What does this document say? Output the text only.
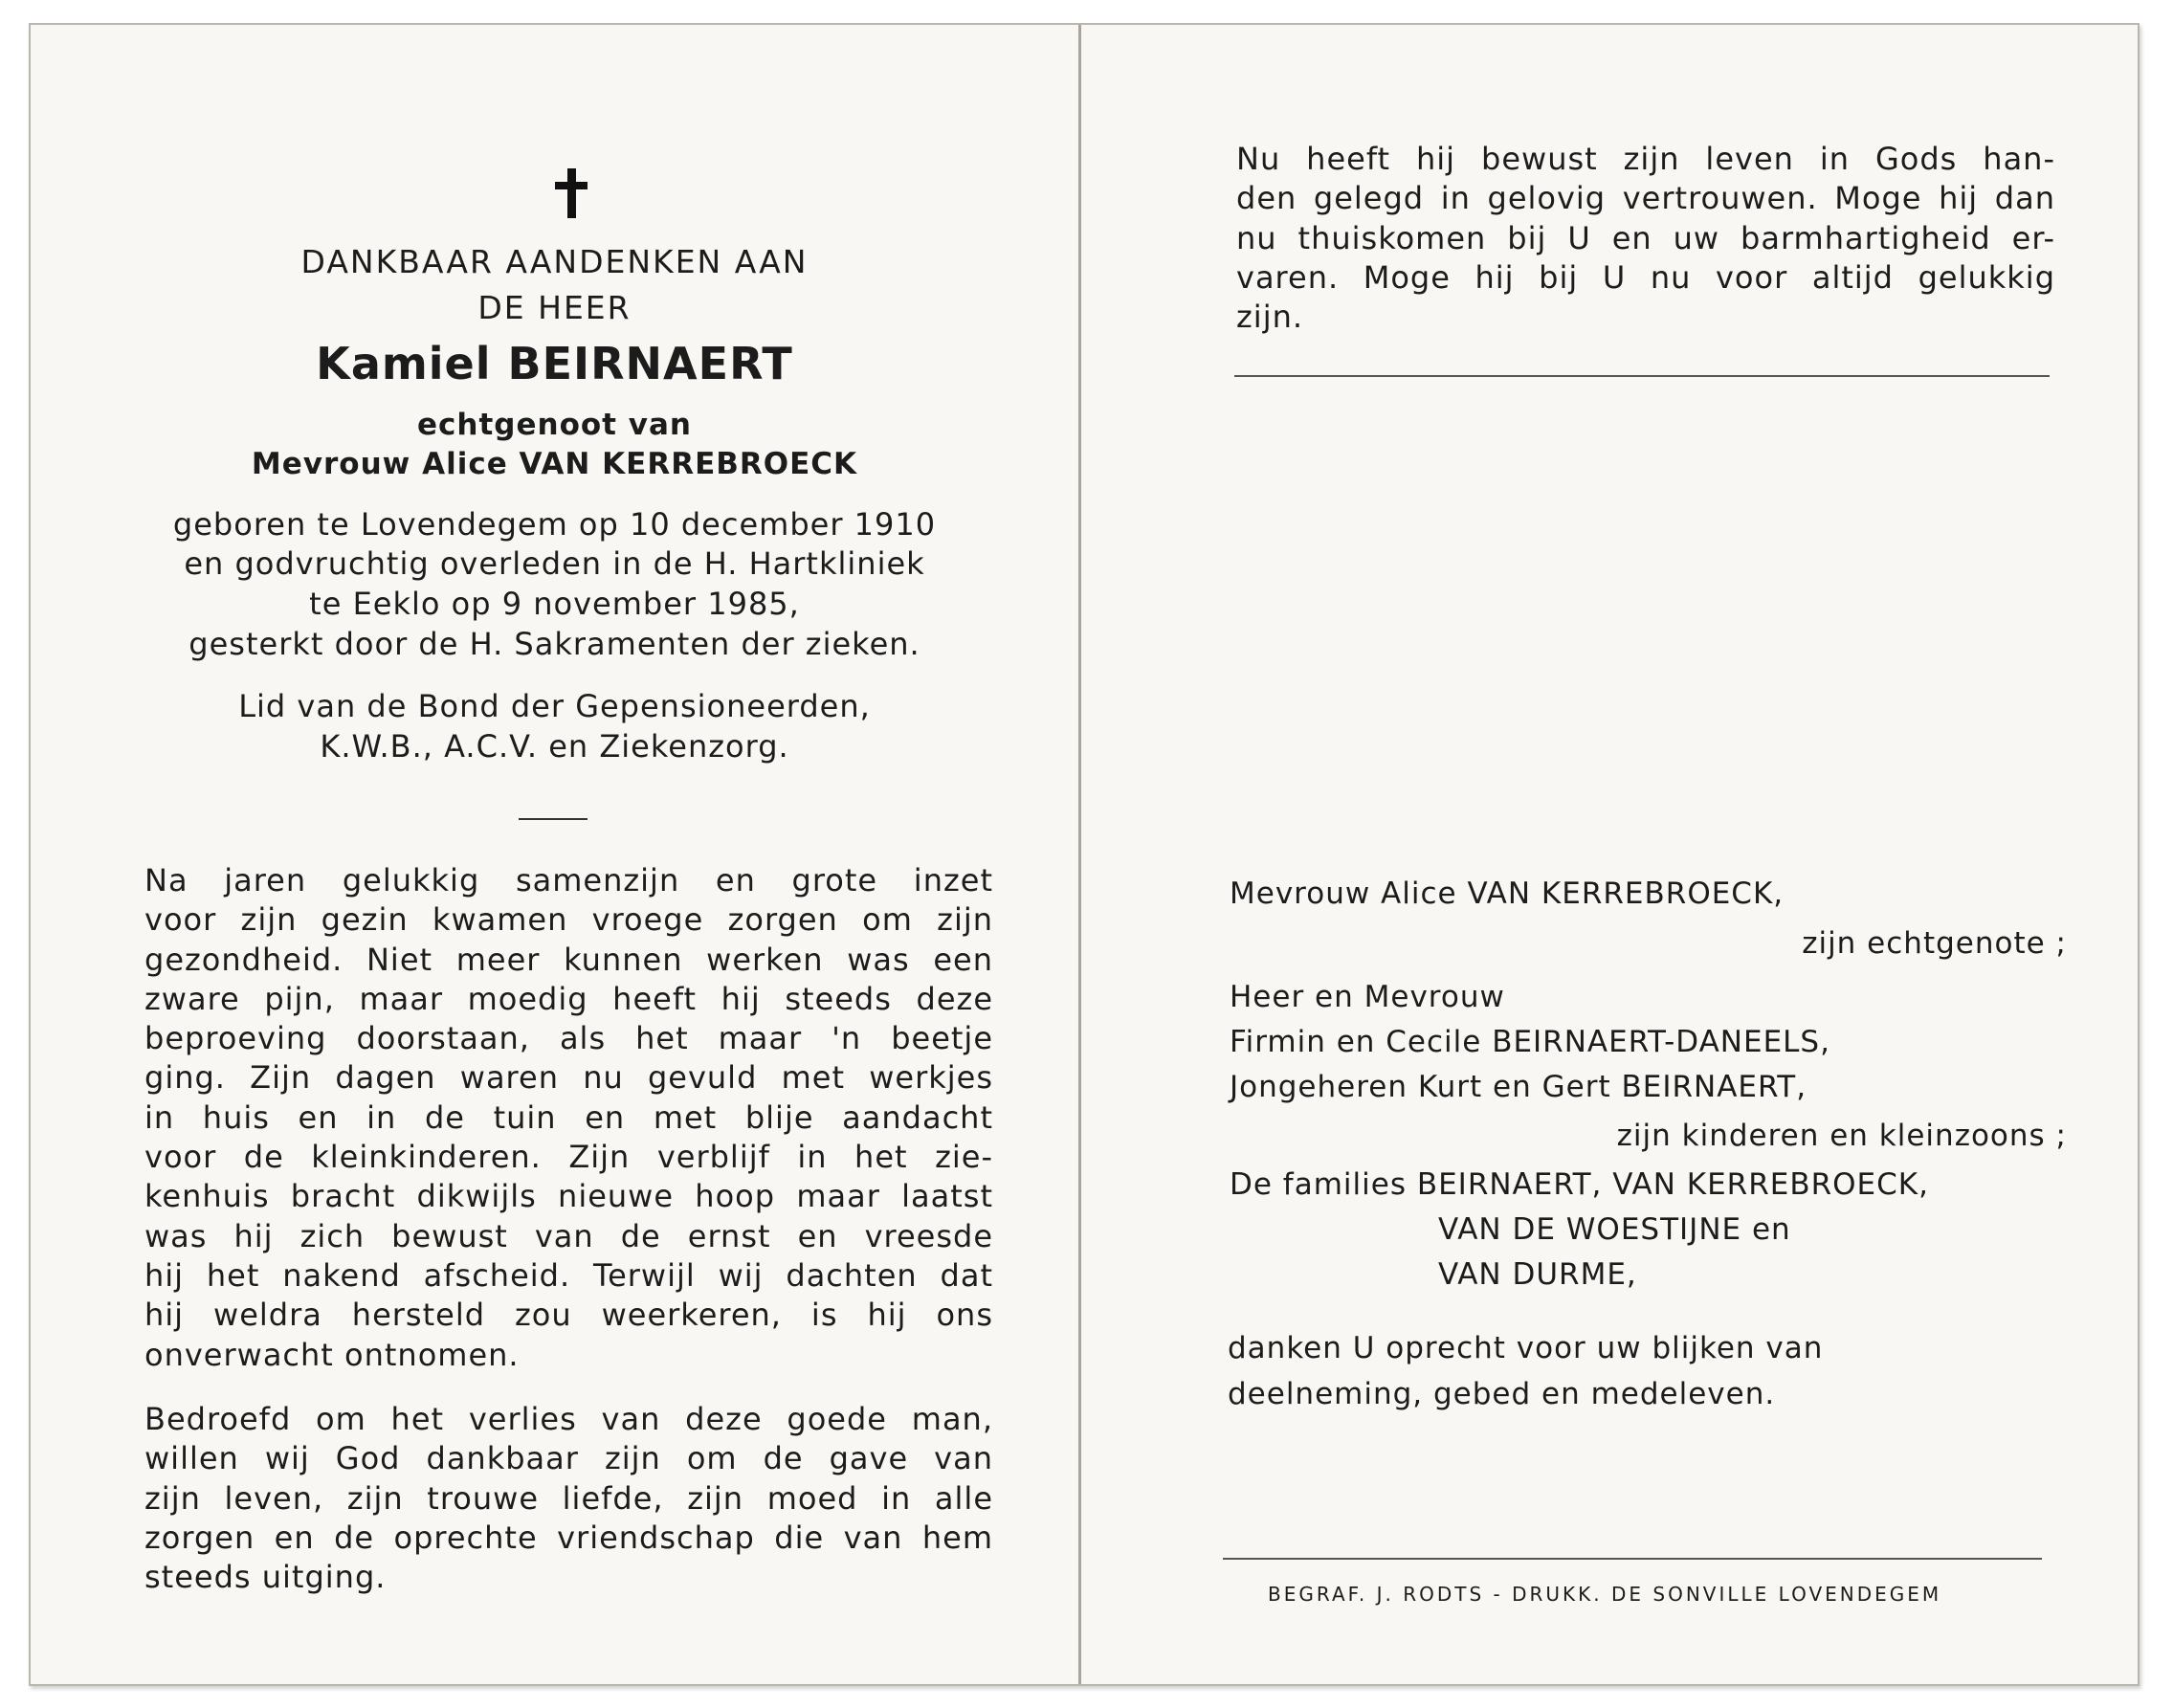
DANKBAAR AANDENKEN AAN

DE HEER

Kamiel BEIRNAERT

echtgenoot van

Mevrouw Alice VAN KERREBROECK

geboren te Lovendegem op 10 december 1910

en godvruchtig overleden in de H. Hartkliniek

te Eeklo op 9 november 1985,

gesterkt door de H. Sakramenten der zieken.

Lid van de Bond der Gepensioneerden,

K.W.B., A.C.V. en Ziekenzorg.

Na jaren gelukkig samenzijn en grote inzet
voor zijn gezin kwamen vroege zorgen om zijn
gezondheid. Niet meer kunnen werken was een
zware pijn, maar moedig heeft hij steeds deze
beproeving doorstaan, als het maar 'n beetje
ging. Zijn dagen waren nu gevuld met werkjes
in huis en in de tuin en met blije aandacht
voor de kleinkinderen. Zijn verblijf in het zie-
kenhuis bracht dikwijls nieuwe hoop maar laatst
was hij zich bewust van de ernst en vreesde
hij het nakend afscheid. Terwijl wij dachten dat
hij weldra hersteld zou weerkeren, is hij ons
onverwacht ontnomen.
Bedroefd om het verlies van deze goede man,
willen wij God dankbaar zijn om de gave van
zijn leven, zijn trouwe liefde, zijn moed in alle
zorgen en de oprechte vriendschap die van hem
steeds uitging.
Nu heeft hij bewust zijn leven in Gods han-
den gelegd in gelovig vertrouwen. Moge hij dan
nu thuiskomen bij U en uw barmhartigheid er-
varen. Moge hij bij U nu voor altijd gelukkig
zijn.

Mevrouw Alice VAN KERREBROECK,

zijn echtgenote ;

Heer en Mevrouw

Firmin en Cecile BEIRNAERT-DANEELS,

Jongeheren Kurt en Gert BEIRNAERT,

zijn kinderen en kleinzoons ;

De families BEIRNAERT, VAN KERREBROECK,

VAN DE WOESTIJNE en

VAN DURME,

danken U oprecht voor uw blijken van

deelneming, gebed en medeleven.

BEGRAF. J. RODTS - DRUKK. DE SONVILLE LOVENDEGEM
